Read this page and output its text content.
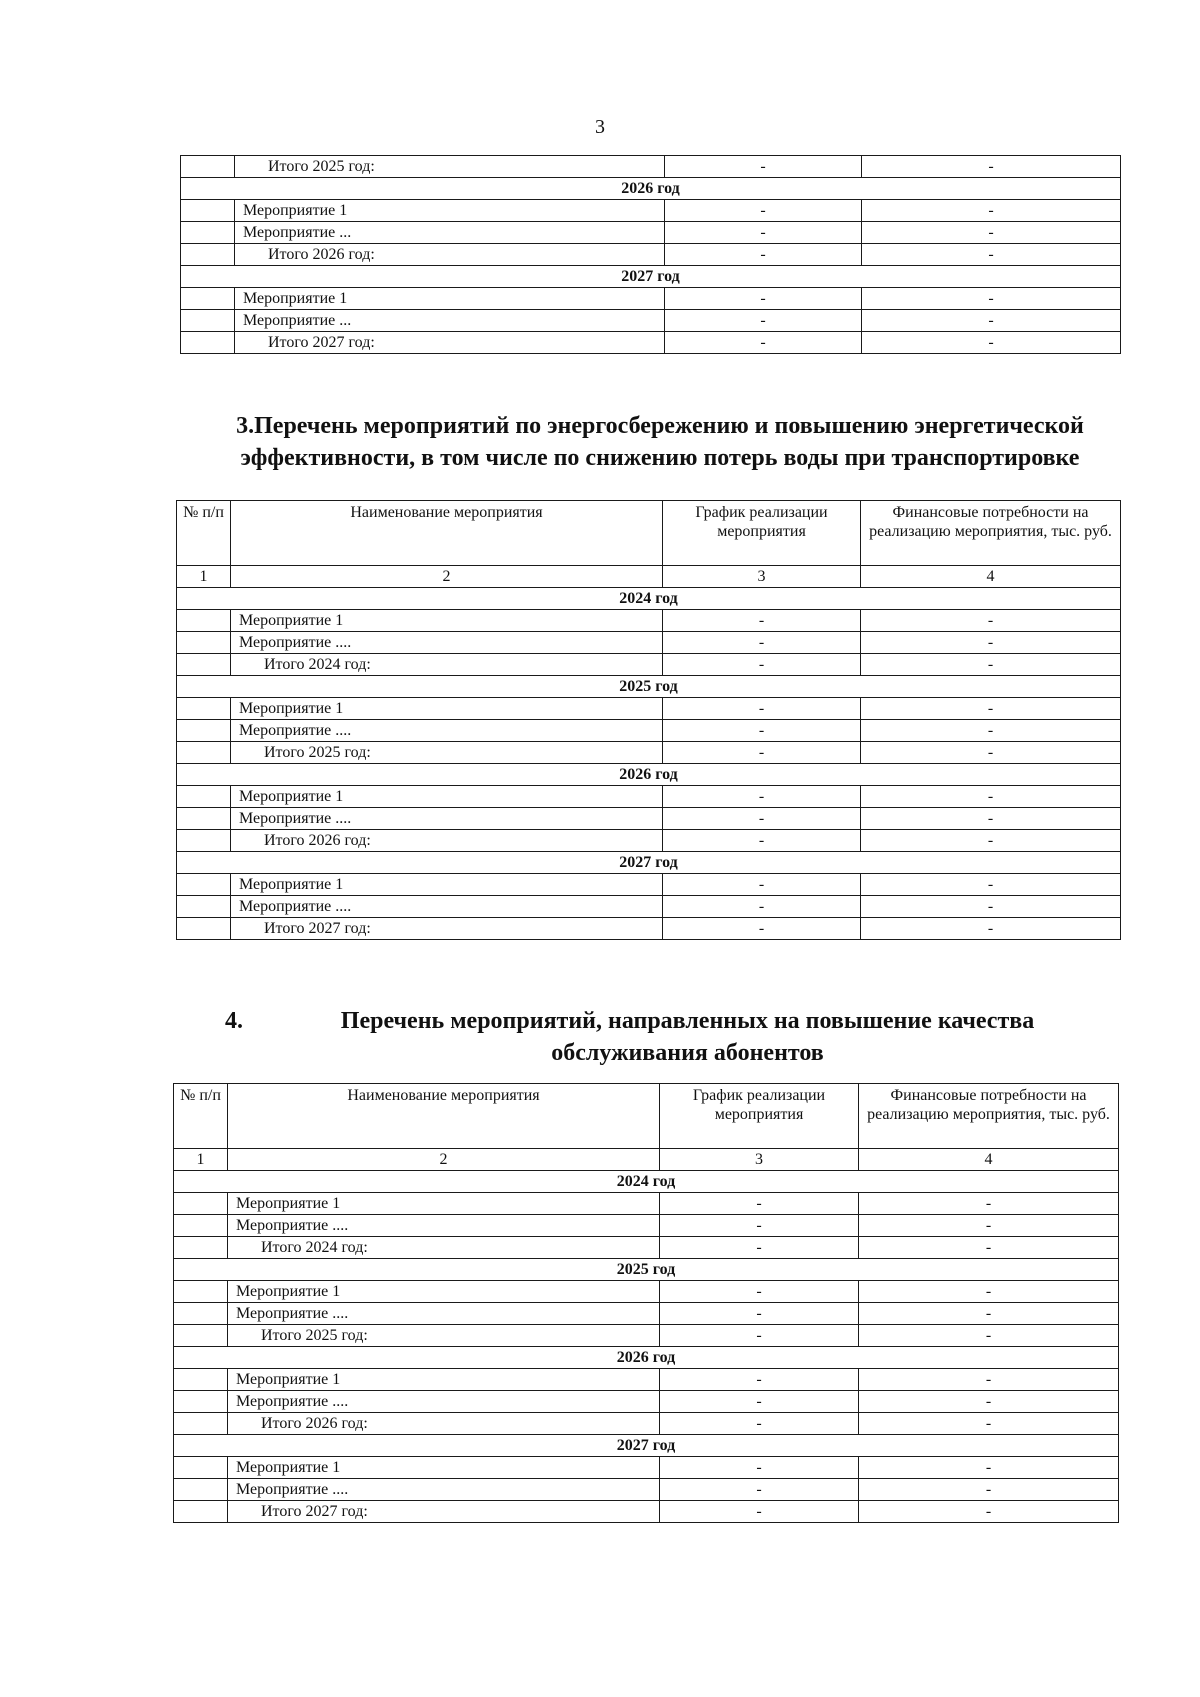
3
	Итого 2025 год:	-	-
2026 год			
	Мероприятие 1	-	-
	Мероприятие ...	-	-
	Итого 2026 год:	-	-
2027 год			
	Мероприятие 1	-	-
	Мероприятие ...	-	-
	Итого 2027 год:	-	-
3.Перечень мероприятий по энергосбережению и повышению энергетической эффективности, в том числе по снижению потерь воды при транспортировке
№ п/п	Наименование мероприятия	График реализации мероприятия	Финансовые потребности на реализацию мероприятия, тыс. руб.
1	2	3	4
2024 год			
	Мероприятие 1	-	-
	Мероприятие ....	-	-
	Итого 2024 год:	-	-
2025 год			
	Мероприятие 1	-	-
	Мероприятие ....	-	-
	Итого 2025 год:	-	-
2026 год			
	Мероприятие 1	-	-
	Мероприятие ....	-	-
	Итого 2026 год:	-	-
2027 год			
	Мероприятие 1	-	-
	Мероприятие ....	-	-
	Итого 2027 год:	-	-
4.	Перечень мероприятий, направленных на повышение качества обслуживания абонентов
№ п/п	Наименование мероприятия	График реализации мероприятия	Финансовые потребности на реализацию мероприятия, тыс. руб.
1	2	3	4
2024 год			
	Мероприятие 1	-	-
	Мероприятие ....	-	-
	Итого 2024 год:	-	-
2025 год			
	Мероприятие 1	-	-
	Мероприятие ....	-	-
	Итого 2025 год:	-	-
2026 год			
	Мероприятие 1	-	-
	Мероприятие ....	-	-
	Итого 2026 год:	-	-
2027 год			
	Мероприятие 1	-	-
	Мероприятие ....	-	-
	Итого 2027 год:	-	-
